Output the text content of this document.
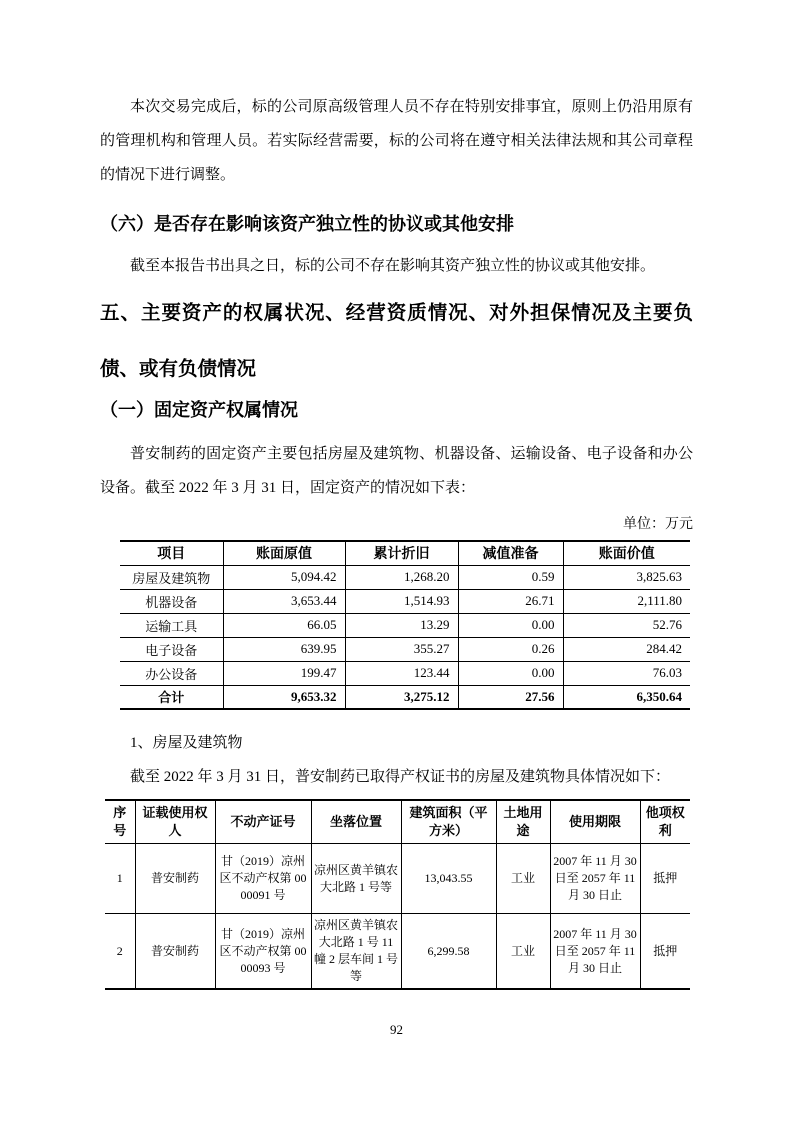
本次交易完成后，标的公司原高级管理人员不存在特别安排事宜，原则上仍沿用原有的管理机构和管理人员。若实际经营需要，标的公司将在遵守相关法律法规和其公司章程的情况下进行调整。

（六）是否存在影响该资产独立性的协议或其他安排

截至本报告书出具之日，标的公司不存在影响其资产独立性的协议或其他安排。

五、主要资产的权属状况、经营资质情况、对外担保情况及主要负债、或有负债情况
（一）固定资产权属情况

普安制药的固定资产主要包括房屋及建筑物、机器设备、运输设备、电子设备和办公设备。截至 2022 年 3 月 31 日，固定资产的情况如下表：

单位：万元
项目	账面原值	累计折旧	减值准备	账面价值
房屋及建筑物	5,094.42	1,268.20	0.59	3,825.63
机器设备	3,653.44	1,514.93	26.71	2,111.80
运输工具	66.05	13.29	0.00	52.76
电子设备	639.95	355.27	0.26	284.42
办公设备	199.47	123.44	0.00	76.03
合计	9,653.32	3,275.12	27.56	6,350.64

1、房屋及建筑物

截至 2022 年 3 月 31 日，普安制药已取得产权证书的房屋及建筑物具体情况如下：

序号	证载使用权人	不动产证号	坐落位置	建筑面积（平方米）	土地用途	使用期限	他项权利
1	普安制药	甘（2019）凉州区不动产权第 0000091 号	凉州区黄羊镇农大北路 1 号等	13,043.55	工业	2007 年 11 月 30 日至 2057 年 11 月 30 日止	抵押
2	普安制药	甘（2019）凉州区不动产权第 0000093 号	凉州区黄羊镇农大北路 1 号 11 幢 2 层车间 1 号等	6,299.58	工业	2007 年 11 月 30 日至 2057 年 11 月 30 日止	抵押
92
